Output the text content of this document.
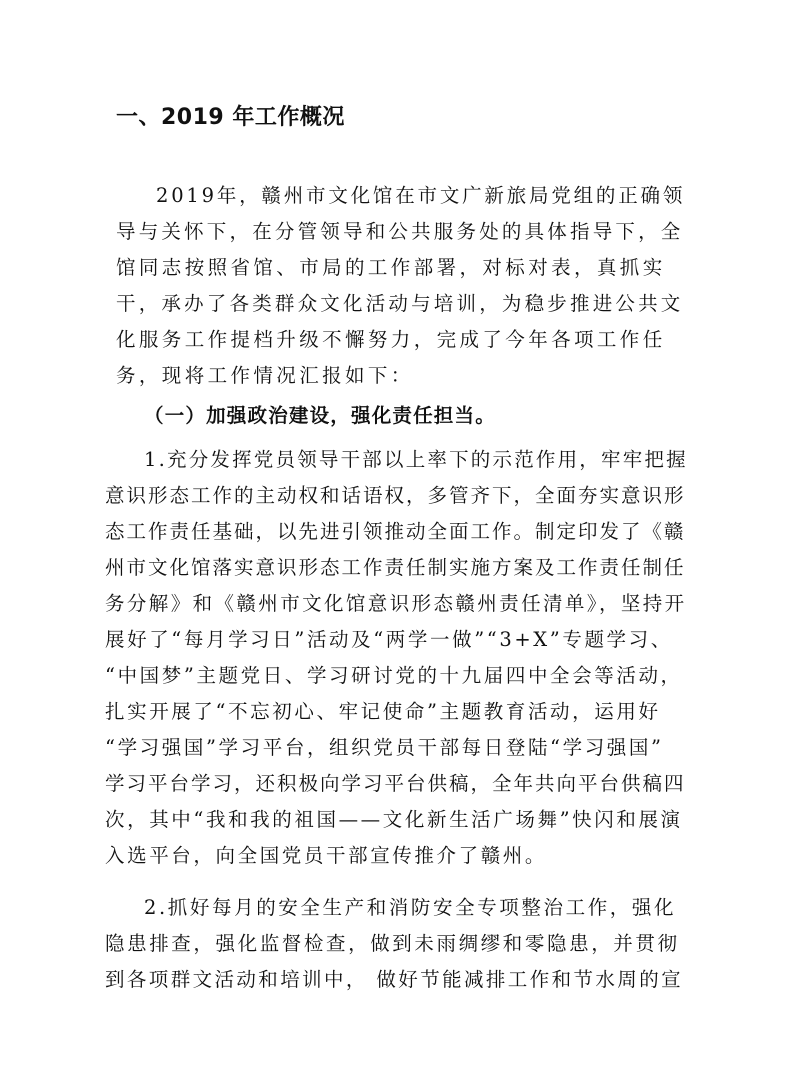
一、2019 年工作概况
2019年，赣州市文化馆在市文广新旅局党组的正确领
导与关怀下，在分管领导和公共服务处的具体指导下，全
馆同志按照省馆、市局的工作部署，对标对表，真抓实
干，承办了各类群众文化活动与培训，为稳步推进公共文
化服务工作提档升级不懈努力，完成了今年各项工作任
务，现将工作情况汇报如下：
（一）加强政治建设，强化责任担当。
1.充分发挥党员领导干部以上率下的示范作用，牢牢把握
意识形态工作的主动权和话语权，多管齐下，全面夯实意识形
态工作责任基础，以先进引领推动全面工作。制定印发了《赣
州市文化馆落实意识形态工作责任制实施方案及工作责任制任
务分解》和《赣州市文化馆意识形态赣州责任清单》，坚持开
展好了“每月学习日”活动及“两学一做”“3+X”专题学习、
“中国梦”主题党日、学习研讨党的十九届四中全会等活动，
扎实开展了“不忘初心、牢记使命”主题教育活动，运用好
“学习强国”学习平台，组织党员干部每日登陆“学习强国”
学习平台学习，还积极向学习平台供稿，全年共向平台供稿四
次，其中“我和我的祖国——文化新生活广场舞”快闪和展演
入选平台，向全国党员干部宣传推介了赣州。
2.抓好每月的安全生产和消防安全专项整治工作，强化
隐患排查，强化监督检查，做到未雨绸缪和零隐患，并贯彻
到各项群文活动和培训中， 做好节能减排工作和节水周的宣
